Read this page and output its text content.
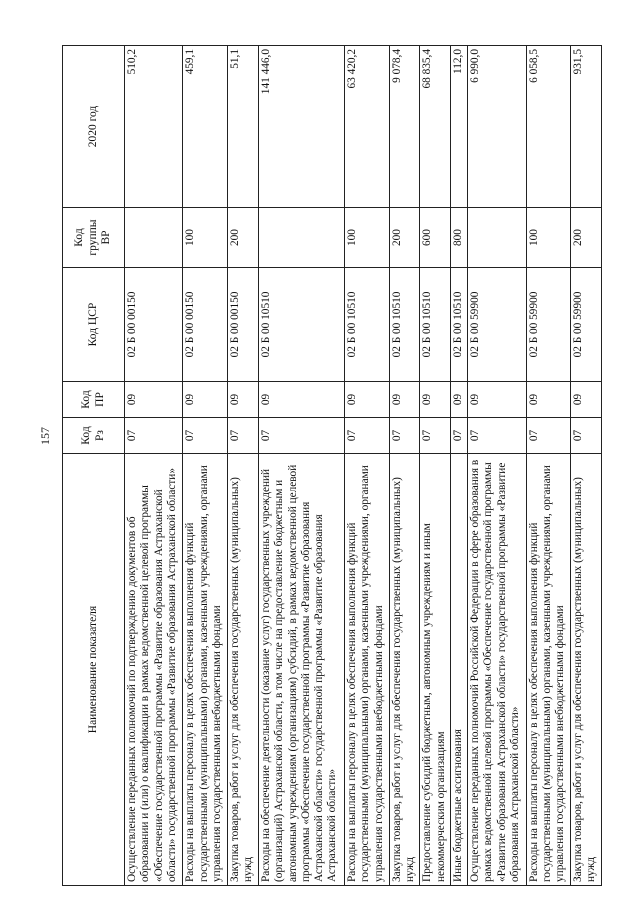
157
Наименование показателя	Код Рз	Код ПР	Код ЦСР	Код группы ВР	2020 год
Осуществление переданных полномочий по подтверждению документов об образовании и (или) о квалификации в рамках ведомственной целевой программы «Обеспечение государственной программы «Развитие образования Астраханской области» государственной программы «Развитие образования Астраханской области»	07	09	02 Б 00 00150		510,2
Расходы на выплаты персоналу в целях обеспечения выполнения функций государственными (муниципальными) органами, казенными учреждениями, органами управления государственными внебюджетными фондами	07	09	02 Б 00 00150	100	459,1
Закупка товаров, работ и услуг для обеспечения государственных (муниципальных) нужд	07	09	02 Б 00 00150	200	51,1
Расходы на обеспечение деятельности (оказание услуг) государственных учреждений (организаций) Астраханской области, в том числе на предоставление бюджетным и автономным учреждениям (организациям) субсидий, в рамках ведомственной целевой программы «Обеспечение государственной программы «Развитие образования Астраханской области» государственной программы «Развитие образования Астраханской области»	07	09	02 Б 00 10510		141 446,0
Расходы на выплаты персоналу в целях обеспечения выполнения функций государственными (муниципальными) органами, казенными учреждениями, органами управления государственными внебюджетными фондами	07	09	02 Б 00 10510	100	63 420,2
Закупка товаров, работ и услуг для обеспечения государственных (муниципальных) нужд	07	09	02 Б 00 10510	200	9 078,4
Предоставление субсидий бюджетным, автономным учреждениям и иным некоммерческим организациям	07	09	02 Б 00 10510	600	68 835,4
Иные бюджетные ассигнования	07	09	02 Б 00 10510	800	112,0
Осуществление переданных полномочий Российской Федерации в сфере образования в рамках ведомственной целевой программы «Обеспечение государственной программы «Развитие образования Астраханской области» государственной программы «Развитие образования Астраханской области»	07	09	02 Б 00 59900		6 990,0
Расходы на выплаты персоналу в целях обеспечения выполнения функций государственными (муниципальными) органами, казенными учреждениями, органами управления государственными внебюджетными фондами	07	09	02 Б 00 59900	100	6 058,5
Закупка товаров, работ и услуг для обеспечения государственных (муниципальных) нужд	07	09	02 Б 00 59900	200	931,5
